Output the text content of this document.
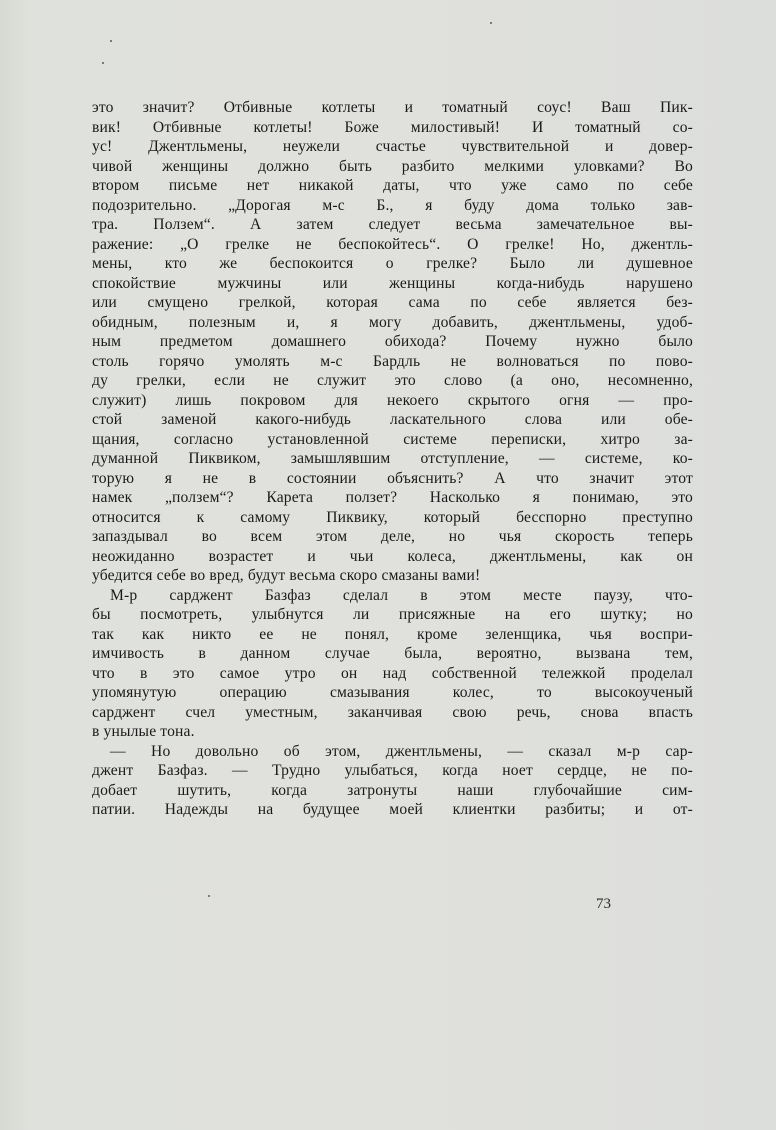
это значит? Отбивные котлеты и томатный соус! Ваш Пик-
вик! Отбивные котлеты! Боже милостивый! И томатный со-
ус! Джентльмены, неужели счастье чувствительной и довер-
чивой женщины должно быть разбито мелкими уловками? Во
втором письме нет никакой даты, что уже само по себе
подозрительно. „Дорогая м-с Б., я буду дома только зав-
тра. Ползем“. А затем следует весьма замечательное вы-
ражение: „О грелке не беспокойтесь“. О грелке! Но, джентль-
мены, кто же беспокоится о грелке? Было ли душевное
спокойствие мужчины или женщины когда-нибудь нарушено
или смущено грелкой, которая сама по себе является без-
обидным, полезным и, я могу добавить, джентльмены, удоб-
ным предметом домашнего обихода? Почему нужно было
столь горячо умолять м-с Бардль не волноваться по пово-
ду грелки, если не служит это слово (а оно, несомненно,
служит) лишь покровом для некоего скрытого огня — про-
стой заменой какого-нибудь ласкательного слова или обе-
щания, согласно установленной системе переписки, хитро за-
думанной Пиквиком, замышлявшим отступление, — системе, ко-
торую я не в состоянии объяснить? А что значит этот
намек „ползем“? Карета ползет? Насколько я понимаю, это
относится к самому Пиквику, который бесспорно преступно
запаздывал во всем этом деле, но чья скорость теперь
неожиданно возрастет и чьи колеса, джентльмены, как он
убедится себе во вред, будут весьма скоро смазаны вами!
М-р сарджент Базфаз сделал в этом месте паузу, что-
бы посмотреть, улыбнутся ли присяжные на его шутку; но
так как никто ее не понял, кроме зеленщика, чья воспри-
имчивость в данном случае была, вероятно, вызвана тем,
что в это самое утро он над собственной тележкой проделал
упомянутую операцию смазывания колес, то высокоученый
сарджент счел уместным, заканчивая свою речь, снова впасть
в унылые тона.
— Но довольно об этом, джентльмены, — сказал м-р сар-
джент Базфаз. — Трудно улыбаться, когда ноет сердце, не по-
добает шутить, когда затронуты наши глубочайшие сим-
патии. Надежды на будущее моей клиентки разбиты; и от-
73
